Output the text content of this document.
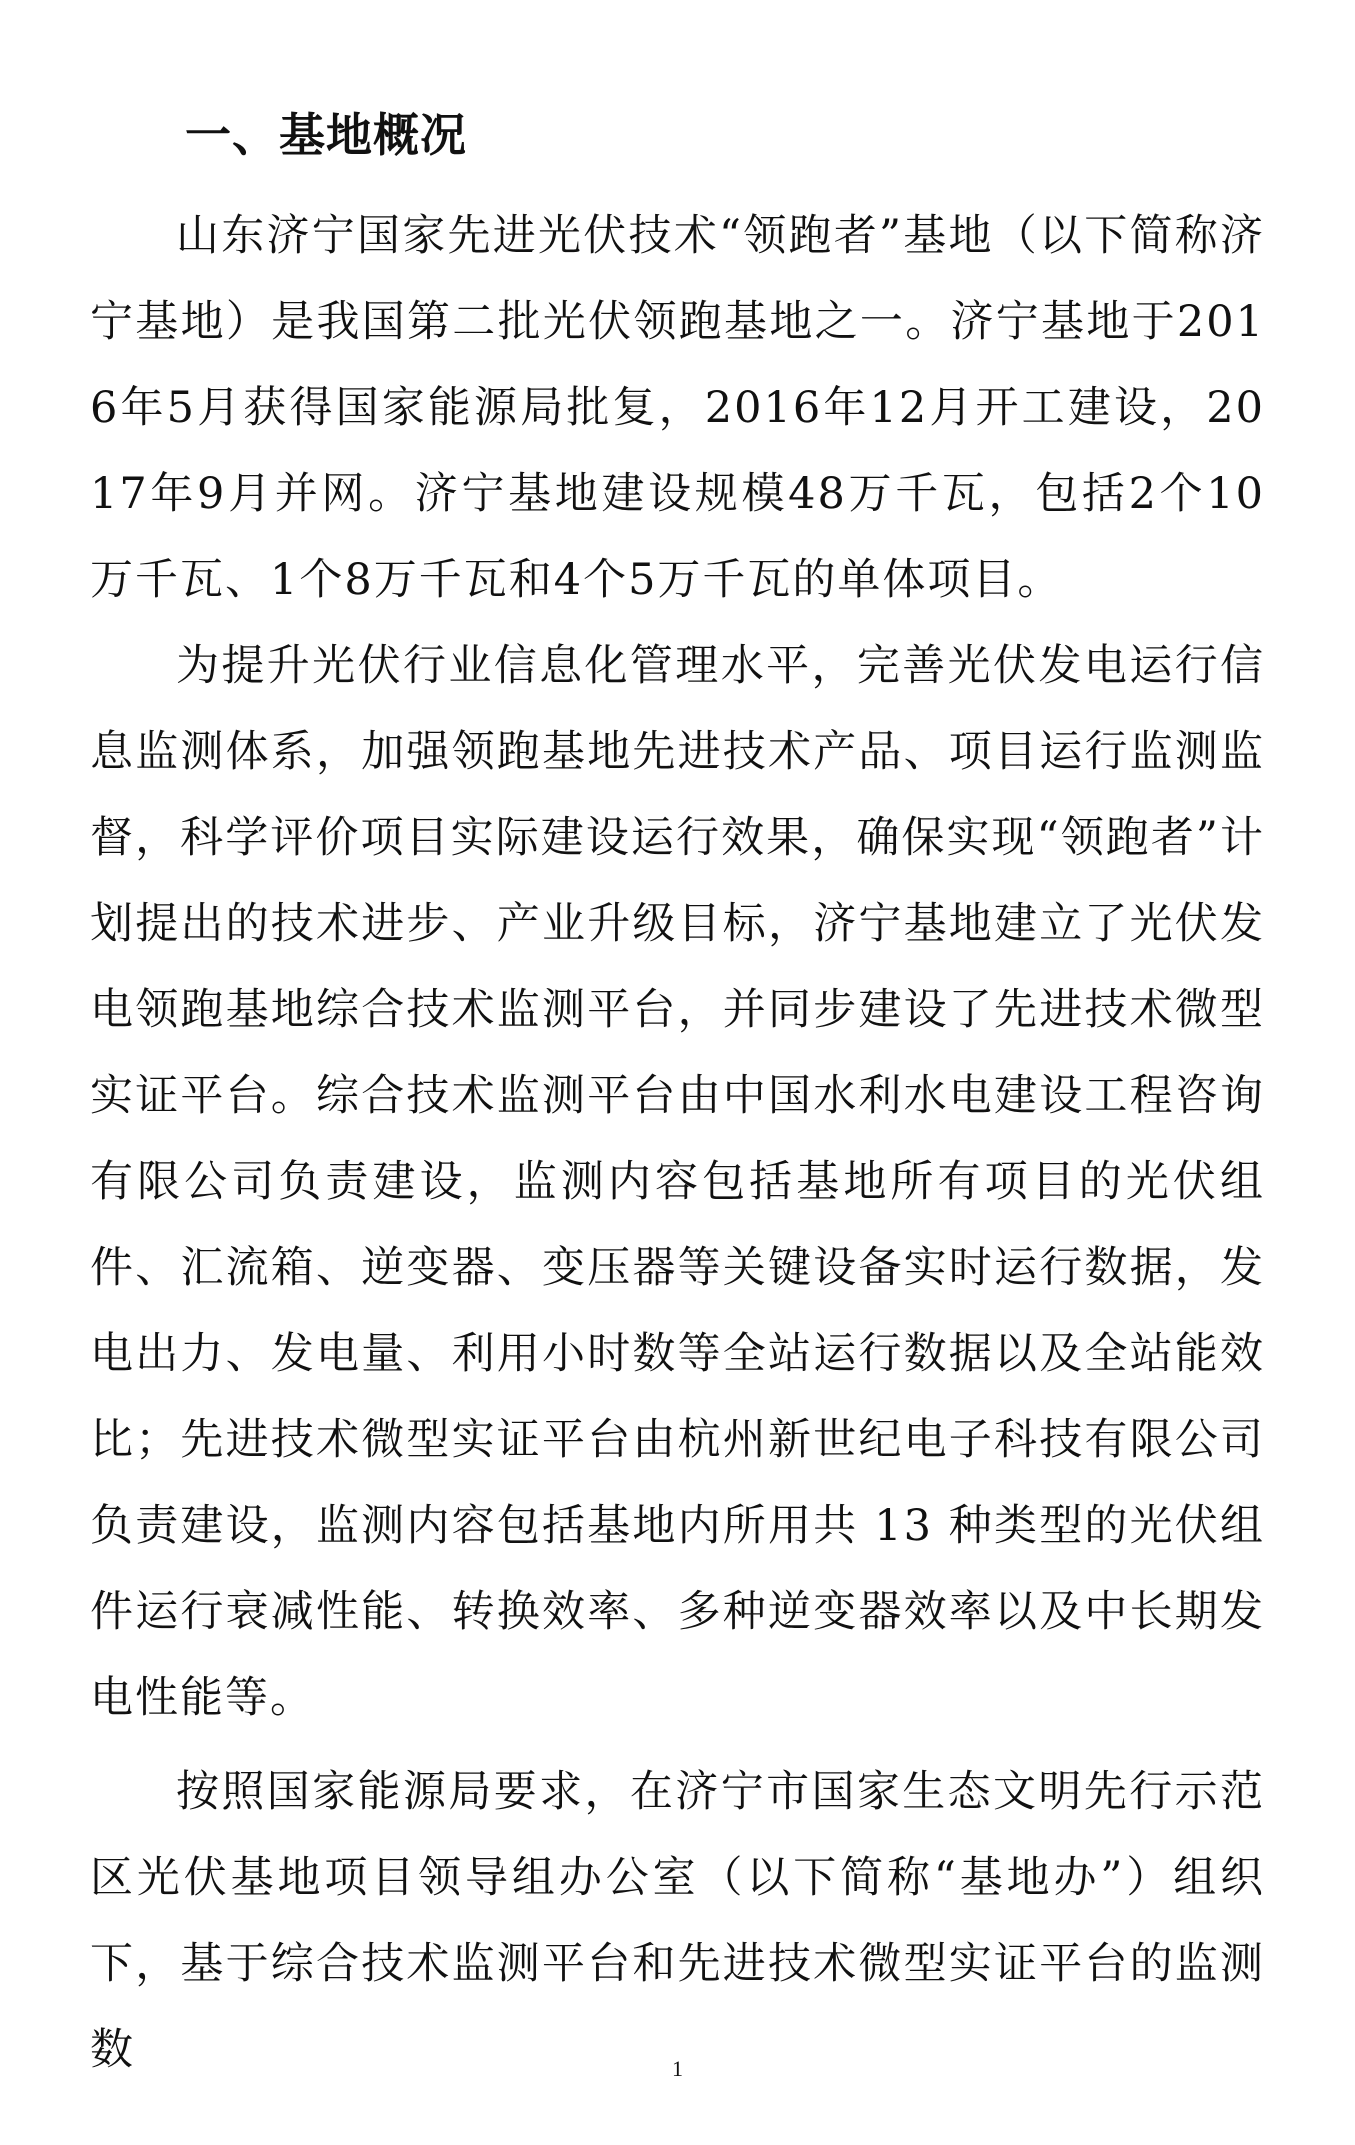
一、基地概况

山东济宁国家先进光伏技术“领跑者”基地（以下简称济宁基地）是我国第二批光伏领跑基地之一。济宁基地于2016年5月获得国家能源局批复，2016年12月开工建设，2017年9月并网。济宁基地建设规模48万千瓦，包括2个10万千瓦、1个8万千瓦和4个5万千瓦的单体项目。

为提升光伏行业信息化管理水平，完善光伏发电运行信息监测体系，加强领跑基地先进技术产品、项目运行监测监督，科学评价项目实际建设运行效果，确保实现“领跑者”计划提出的技术进步、产业升级目标，济宁基地建立了光伏发电领跑基地综合技术监测平台，并同步建设了先进技术微型实证平台。综合技术监测平台由中国水利水电建设工程咨询有限公司负责建设，监测内容包括基地所有项目的光伏组件、汇流箱、逆变器、变压器等关键设备实时运行数据，发电出力、发电量、利用小时数等全站运行数据以及全站能效比；先进技术微型实证平台由杭州新世纪电子科技有限公司负责建设，监测内容包括基地内所用共 13 种类型的光伏组件运行衰减性能、转换效率、多种逆变器效率以及中长期发电性能等。

按照国家能源局要求，在济宁市国家生态文明先行示范区光伏基地项目领导组办公室（以下简称“基地办”）组织下，基于综合技术监测平台和先进技术微型实证平台的监测数	1
